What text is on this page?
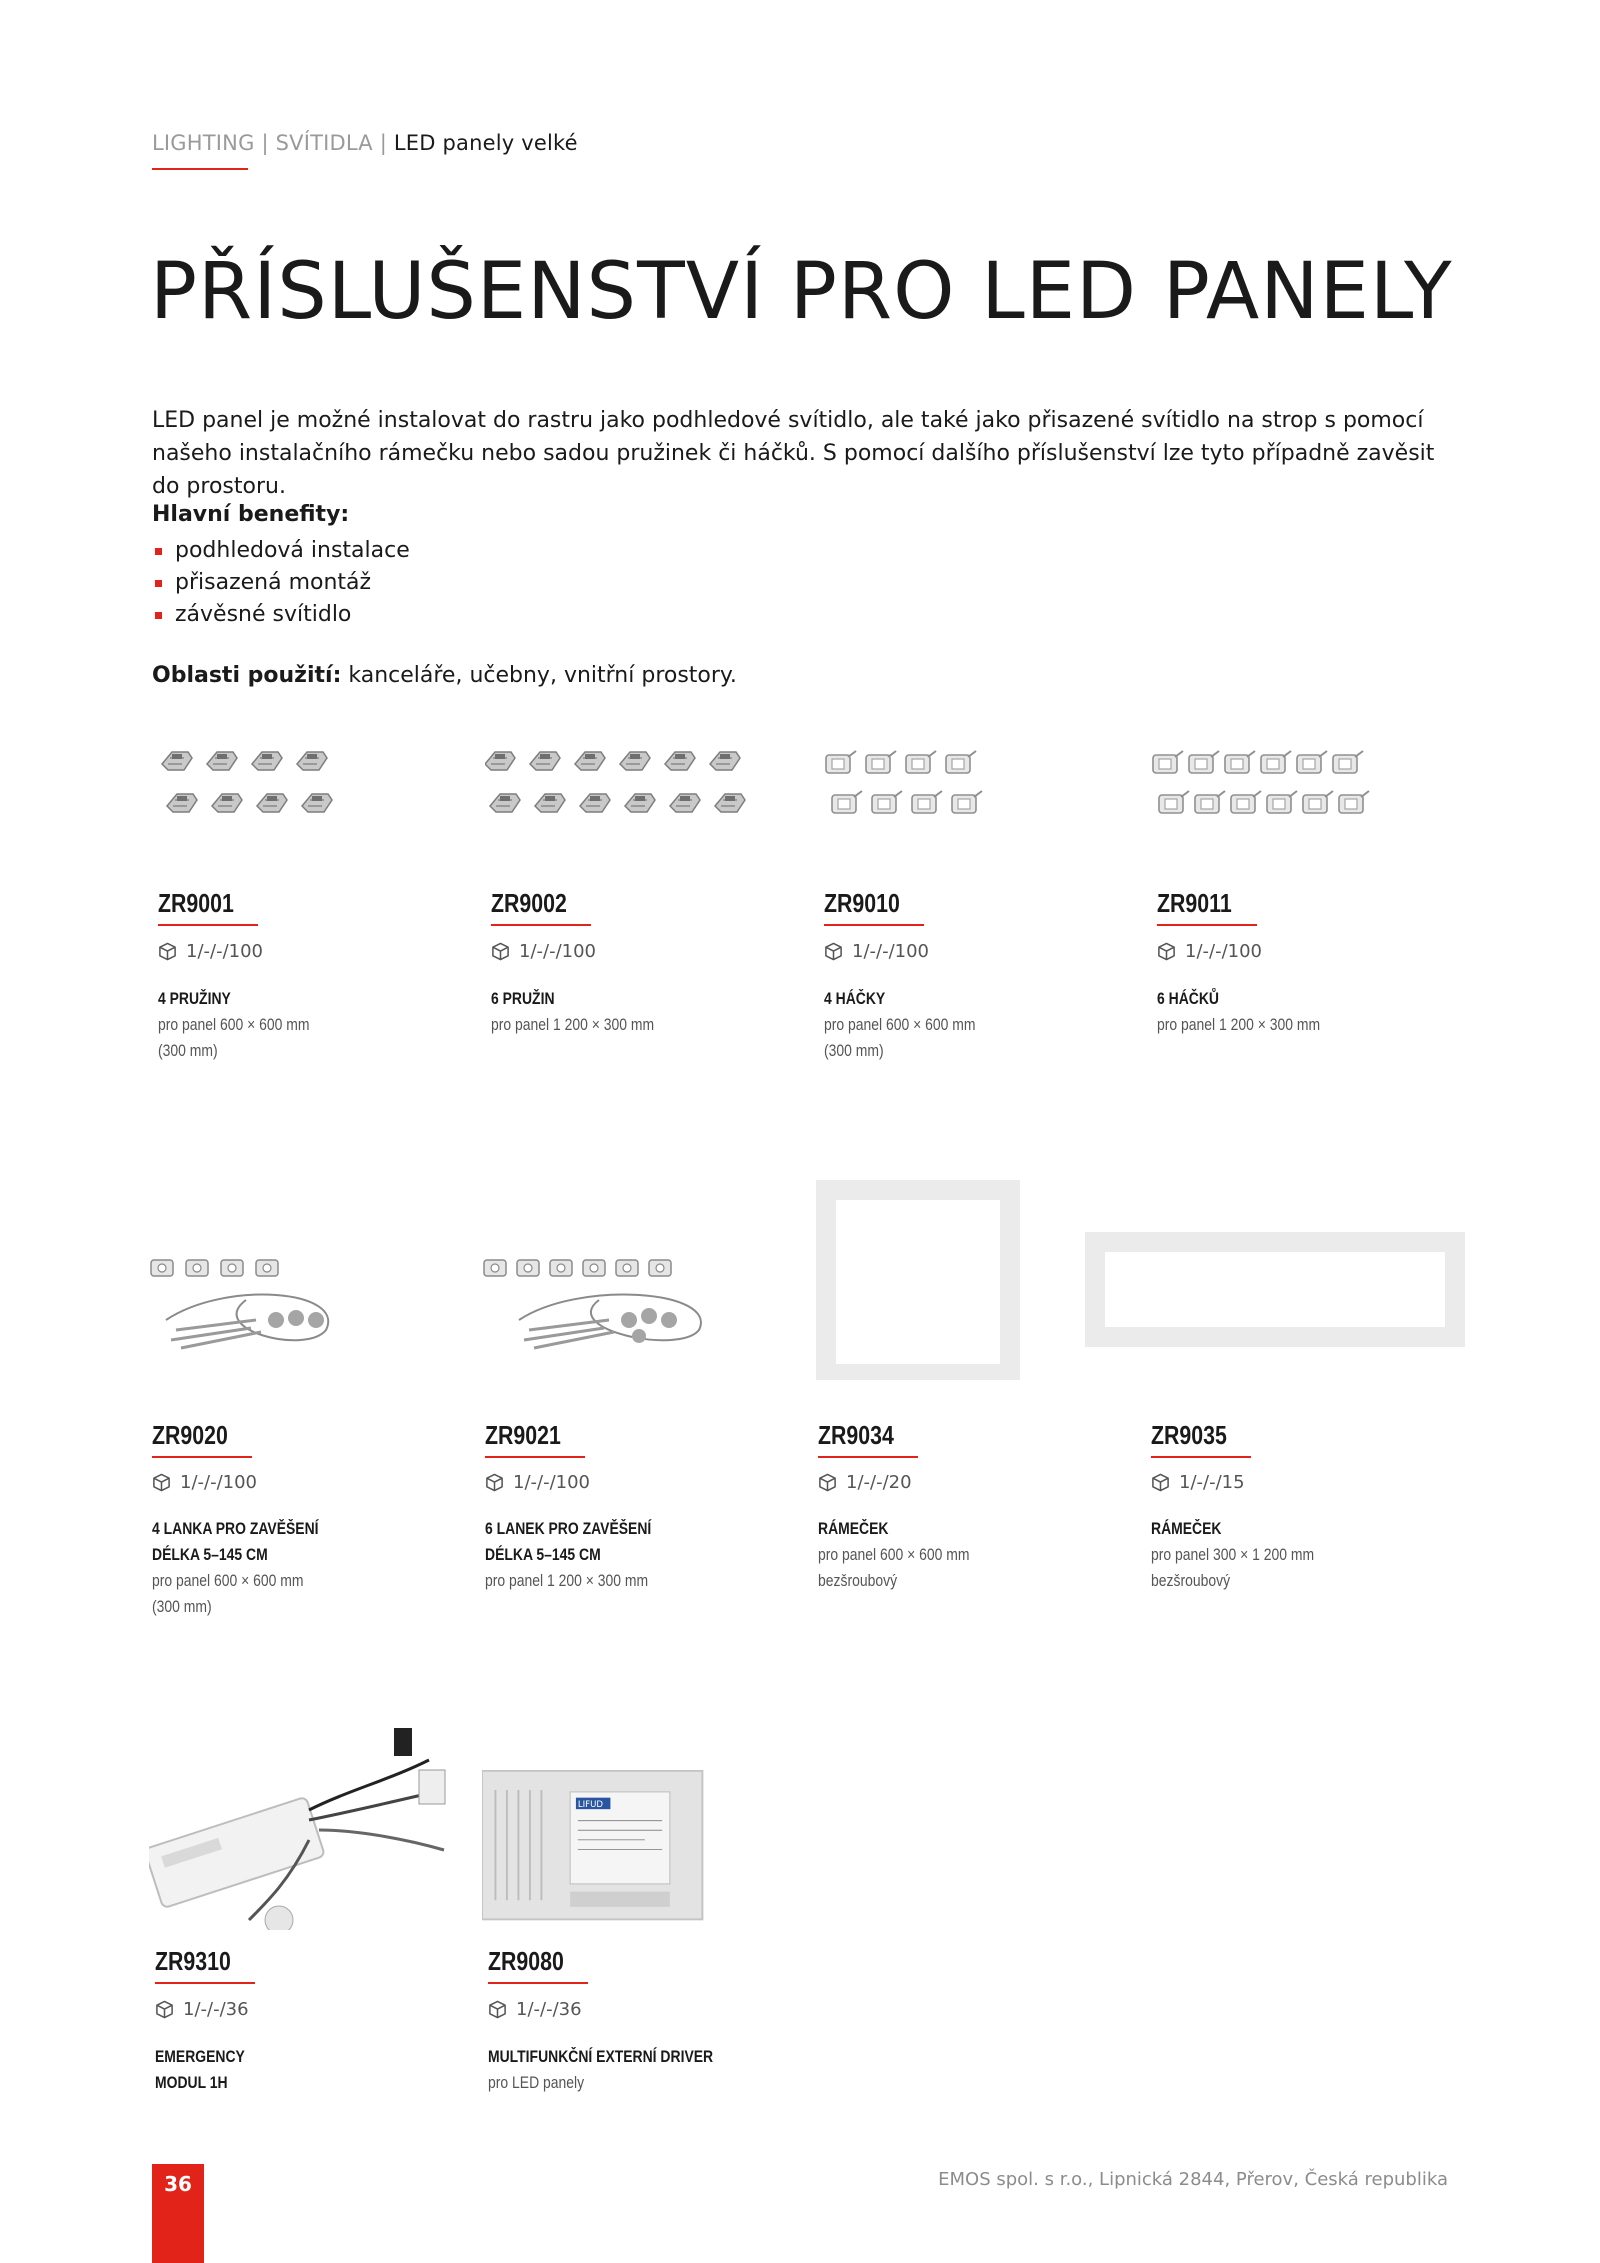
LIGHTING | SVÍTIDLA | LED panely velké
PŘÍSLUŠENSTVÍ PRO LED PANELY
LED panel je možné instalovat do rastru jako podhledové svítidlo, ale také jako přisazené svítidlo na strop s pomocí našeho instalačního rámečku nebo sadou pružinek či háčků. S pomocí dalšího příslušenství lze tyto případně zavěsit do prostoru.
Hlavní benefity:
podhledová instalace
přisazená montáž
závěsné svítidlo
Oblasti použití: kanceláře, učebny, vnitřní prostory.
ZR9001
1/-/-/100
4 PRUŽINY
pro panel 600 × 600 mm
(300 mm)
ZR9002
1/-/-/100
6 PRUŽIN
pro panel 1 200 × 300 mm
ZR9010
1/-/-/100
4 HÁČKY
pro panel 600 × 600 mm
(300 mm)
ZR9011
1/-/-/100
6 HÁČKŮ
pro panel 1 200 × 300 mm
ZR9020
1/-/-/100
4 LANKA PRO ZAVĚŠENÍ
DÉLKA 5–145 CM
pro panel 600 × 600 mm
(300 mm)
ZR9021
1/-/-/100
6 LANEK PRO ZAVĚŠENÍ
DÉLKA 5–145 CM
pro panel 1 200 × 300 mm
ZR9034
1/-/-/20
RÁMEČEK
pro panel 600 × 600 mm
bezšroubový
ZR9035
1/-/-/15
RÁMEČEK
pro panel 300 × 1 200 mm
bezšroubový
ZR9310
1/-/-/36
EMERGENCY
MODUL 1H
LIFUD
ZR9080
1/-/-/36
MULTIFUNKČNÍ EXTERNÍ DRIVER
pro LED panely
36	EMOS spol. s r.o., Lipnická 2844, Přerov, Česká republika
